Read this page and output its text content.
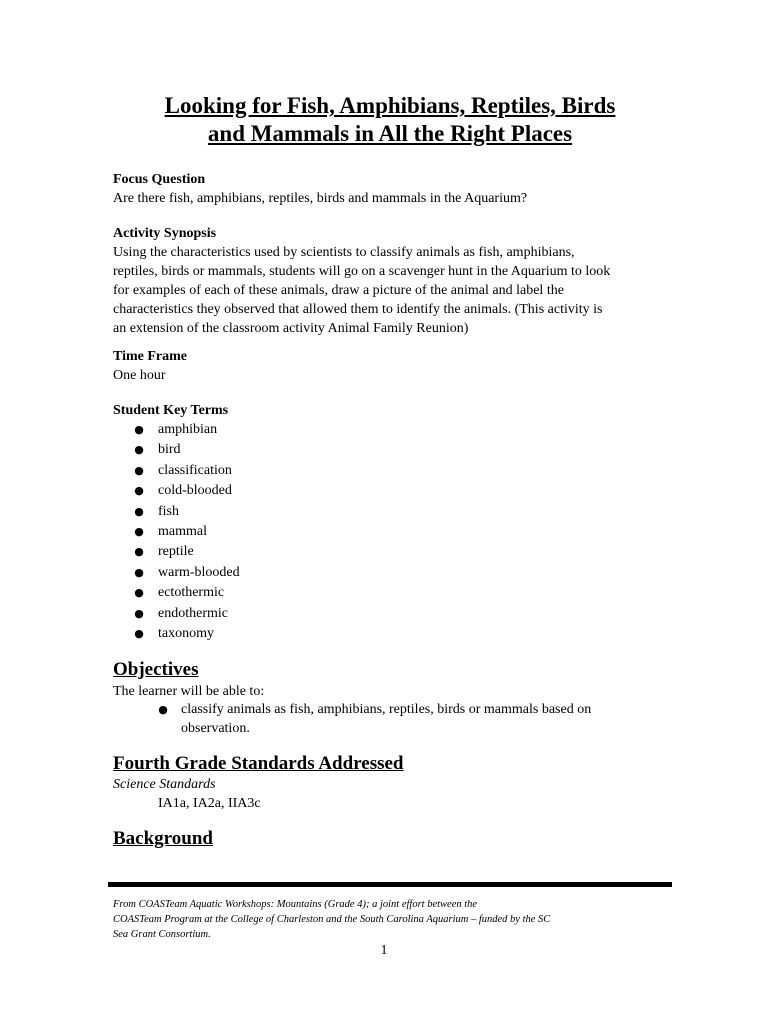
Looking for Fish, Amphibians, Reptiles, Birds
and Mammals in All the Right Places

Focus Question

Are there fish, amphibians, reptiles, birds and mammals in the Aquarium?

Activity Synopsis

Using the characteristics used by scientists to classify animals as fish, amphibians,

reptiles, birds or mammals, students will go on a scavenger hunt in the Aquarium to look

for examples of each of these animals, draw a picture of the animal and label the

characteristics they observed that allowed them to identify the animals. (This activity is

an extension of the classroom activity Animal Family Reunion)

Time Frame

One hour

Student Key Terms

● amphibian
● bird
● classification
● cold-blooded
● fish
● mammal
● reptile
● warm-blooded
● ectothermic
● endothermic
● taxonomy
Objectives

The learner will be able to:

● classify animals as fish, amphibians, reptiles, birds or mammals based on observation.
Fourth Grade Standards Addressed

Science Standards

IA1a, IA2a, IIA3c

Background
From COASTeam Aquatic Workshops: Mountains (Grade 4); a joint effort between the
COASTeam Program at the College of Charleston and the South Carolina Aquarium – funded by the SC
Sea Grant Consortium.
1
